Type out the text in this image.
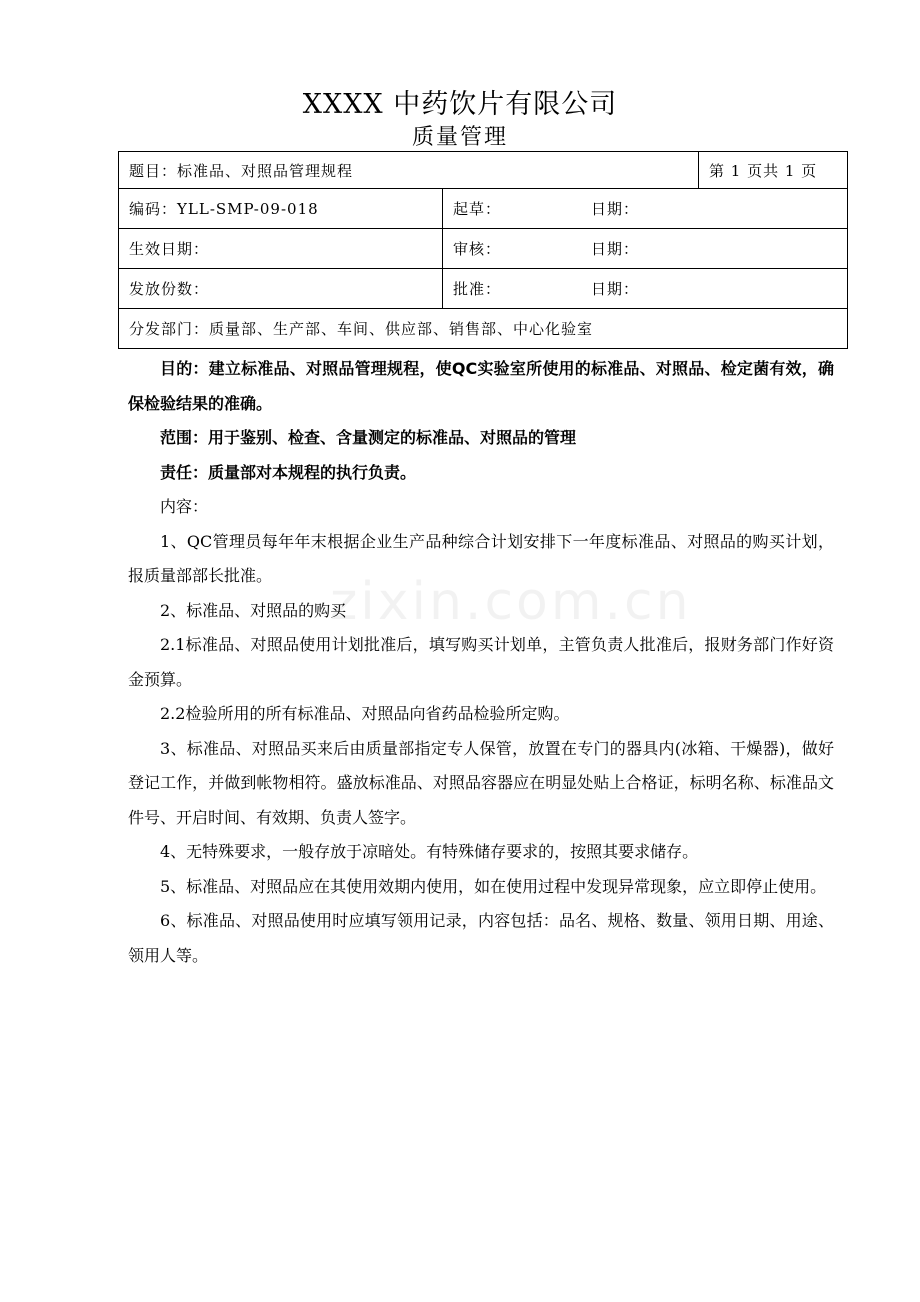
XXXX 中药饮片有限公司
质量管理
题目：标准品、对照品管理规程		第 1 页共 1 页
编码：YLL-SMP-09-018	起草： 日期：	
生效日期：	审核： 日期：	
发放份数：	批准： 日期：	
分发部门：质量部、生产部、车间、供应部、销售部、中心化验室		
zixin.com.cn

目的：建立标准品、对照品管理规程，使QC实验室所使用的标准品、对照品、检定菌有效，确保检验结果的准确。

范围：用于鉴别、检查、含量测定的标准品、对照品的管理

责任：质量部对本规程的执行负责。

内容：

1、QC管理员每年年末根据企业生产品种综合计划安排下一年度标准品、对照品的购买计划，报质量部部长批准。

2、标准品、对照品的购买

2.1标准品、对照品使用计划批准后，填写购买计划单，主管负责人批准后，报财务部门作好资金预算。

2.2检验所用的所有标准品、对照品向省药品检验所定购。

3、标准品、对照品买来后由质量部指定专人保管，放置在专门的器具内(冰箱、干燥器)，做好登记工作，并做到帐物相符。盛放标准品、对照品容器应在明显处贴上合格证，标明名称、标准品文件号、开启时间、有效期、负责人签字。

4、无特殊要求，一般存放于凉暗处。有特殊储存要求的，按照其要求储存。

5、标准品、对照品应在其使用效期内使用，如在使用过程中发现异常现象，应立即停止使用。

6、标准品、对照品使用时应填写领用记录，内容包括：品名、规格、数量、领用日期、用途、领用人等。
